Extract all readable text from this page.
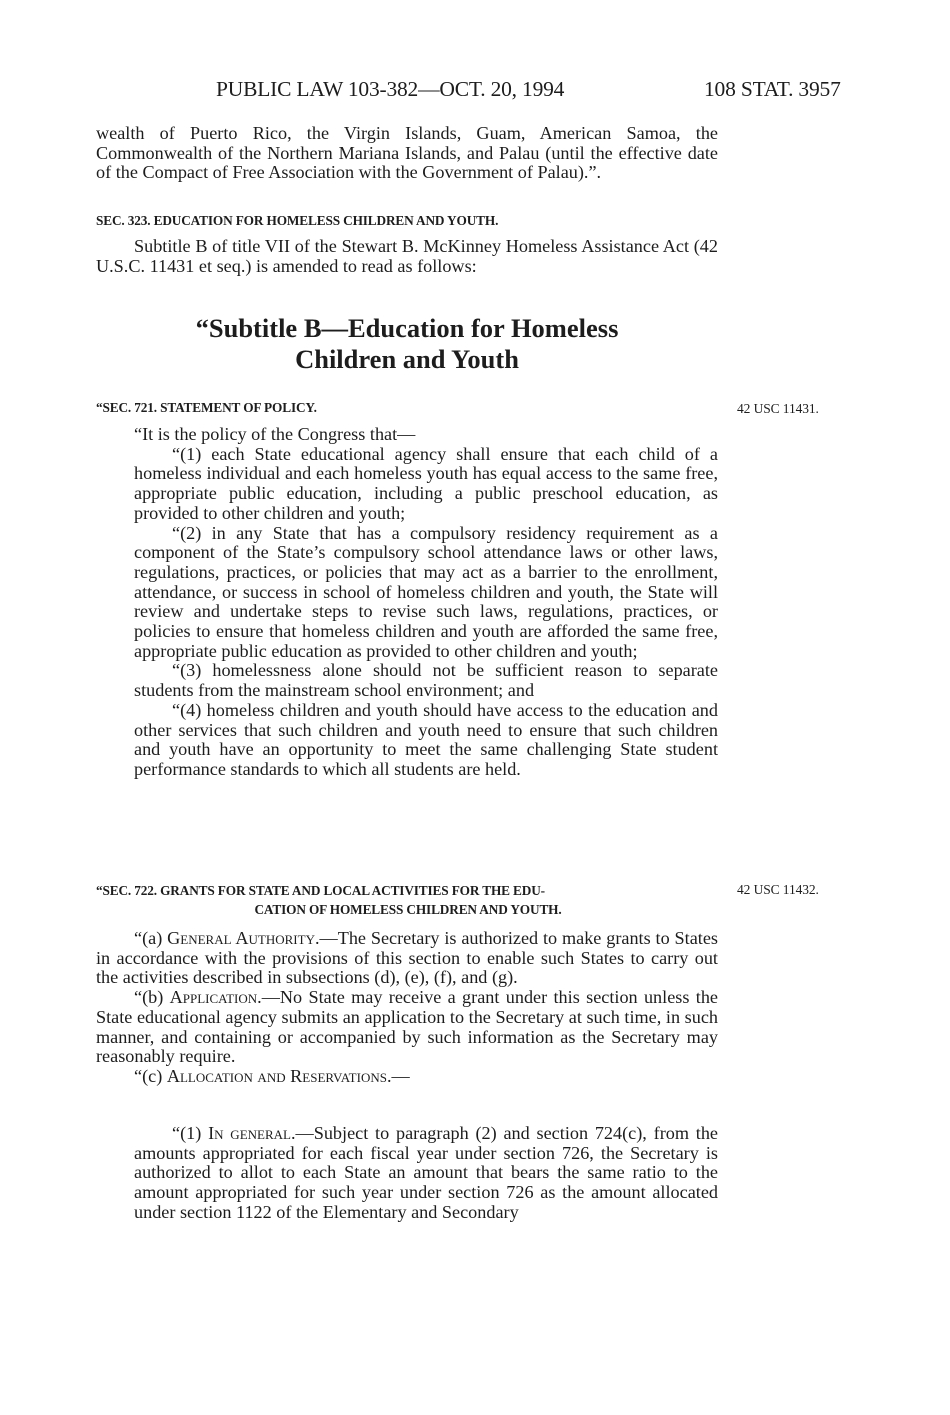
PUBLIC LAW 103-382—OCT. 20, 1994	108 STAT. 3957

wealth of Puerto Rico, the Virgin Islands, Guam, American Samoa, the Commonwealth of the Northern Mariana Islands, and Palau (until the effective date of the Compact of Free Association with the Government of Palau).”.

SEC. 323. EDUCATION FOR HOMELESS CHILDREN AND YOUTH.

Subtitle B of title VII of the Stewart B. McKinney Homeless Assistance Act (42 U.S.C. 11431 et seq.) is amended to read as follows:

“Subtitle B—Education for Homeless
Children and Youth
“SEC. 721. STATEMENT OF POLICY.	42 USC 11431.

“It is the policy of the Congress that—

“(1) each State educational agency shall ensure that each child of a homeless individual and each homeless youth has equal access to the same free, appropriate public education, including a public preschool education, as provided to other children and youth;

“(2) in any State that has a compulsory residency requirement as a component of the State’s compulsory school attendance laws or other laws, regulations, practices, or policies that may act as a barrier to the enrollment, attendance, or success in school of homeless children and youth, the State will review and undertake steps to revise such laws, regulations, practices, or policies to ensure that homeless children and youth are afforded the same free, appropriate public education as provided to other children and youth;

“(3) homelessness alone should not be sufficient reason to separate students from the mainstream school environment; and

“(4) homeless children and youth should have access to the education and other services that such children and youth need to ensure that such children and youth have an opportunity to meet the same challenging State student performance standards to which all students are held.

“SEC. 722. GRANTS FOR STATE AND LOCAL ACTIVITIES FOR THE EDU-
CATION OF HOMELESS CHILDREN AND YOUTH.
42 USC 11432.

“(a) General Authority.—The Secretary is authorized to make grants to States in accordance with the provisions of this section to enable such States to carry out the activities described in subsections (d), (e), (f), and (g).

“(b) Application.—No State may receive a grant under this section unless the State educational agency submits an application to the Secretary at such time, in such manner, and containing or accompanied by such information as the Secretary may reasonably require.

“(c) Allocation and Reservations.—

“(1) In general.—Subject to paragraph (2) and section 724(c), from the amounts appropriated for each fiscal year under section 726, the Secretary is authorized to allot to each State an amount that bears the same ratio to the amount appropriated for such year under section 726 as the amount allocated under section 1122 of the Elementary and Secondary
